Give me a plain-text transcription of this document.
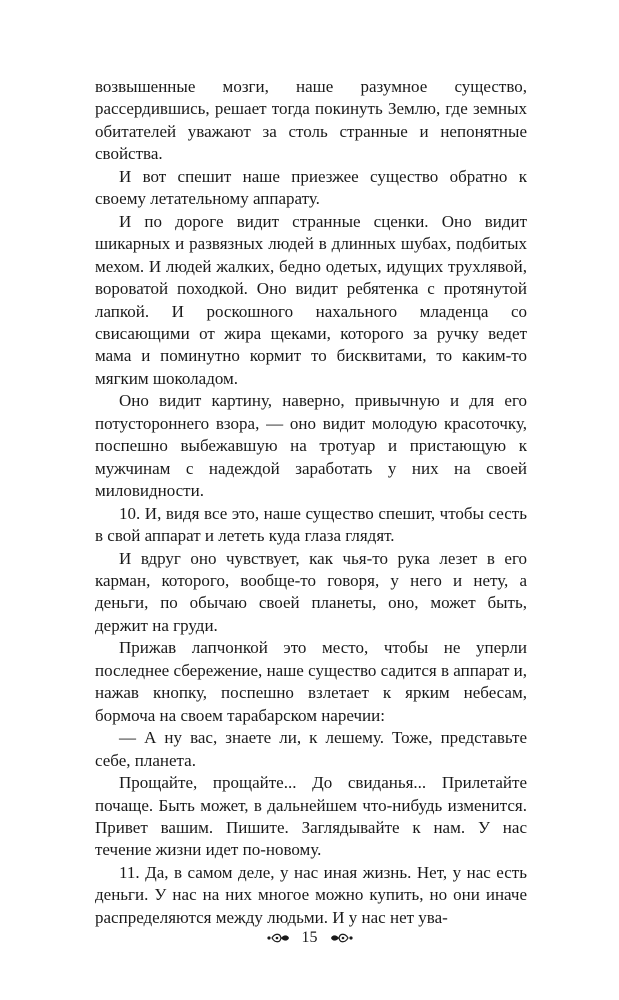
возвышенные мозги, наше разумное существо, рассердившись, решает тогда покинуть Землю, где земных обитателей уважают за столь странные и непонятные свойства.

И вот спешит наше приезжее существо обратно к своему летательному аппарату.

И по дороге видит странные сценки. Оно видит шикарных и развязных людей в длинных шубах, подбитых мехом. И людей жалких, бедно одетых, идущих трухлявой, вороватой походкой. Оно видит ребятенка с протянутой лапкой. И роскошного нахального младенца со свисающими от жира щеками, которого за ручку ведет мама и поминутно кормит то бисквитами, то каким-то мягким шоколадом.

Оно видит картину, наверно, привычную и для его потустороннего взора, — оно видит молодую красоточку, поспешно выбежавшую на тротуар и пристающую к мужчинам с надеждой заработать у них на своей миловидности.

10. И, видя все это, наше существо спешит, чтобы сесть в свой аппарат и лететь куда глаза глядят.

И вдруг оно чувствует, как чья-то рука лезет в его карман, которого, вообще-то говоря, у него и нету, а деньги, по обычаю своей планеты, оно, может быть, держит на груди.

Прижав лапчонкой это место, чтобы не уперли последнее сбережение, наше существо садится в аппарат и, нажав кнопку, поспешно взлетает к ярким небесам, бормоча на своем тарабарском наречии:

— А ну вас, знаете ли, к лешему. Тоже, представьте себе, планета.

Прощайте, прощайте... До свиданья... Прилетайте почаще. Быть может, в дальнейшем что-нибудь изменится. Привет вашим. Пишите. Заглядывайте к нам. У нас течение жизни идет по-новому.

11. Да, в самом деле, у нас иная жизнь. Нет, у нас есть деньги. У нас на них многое можно купить, но они иначе распределяются между людьми. И у нас нет ува-

15
